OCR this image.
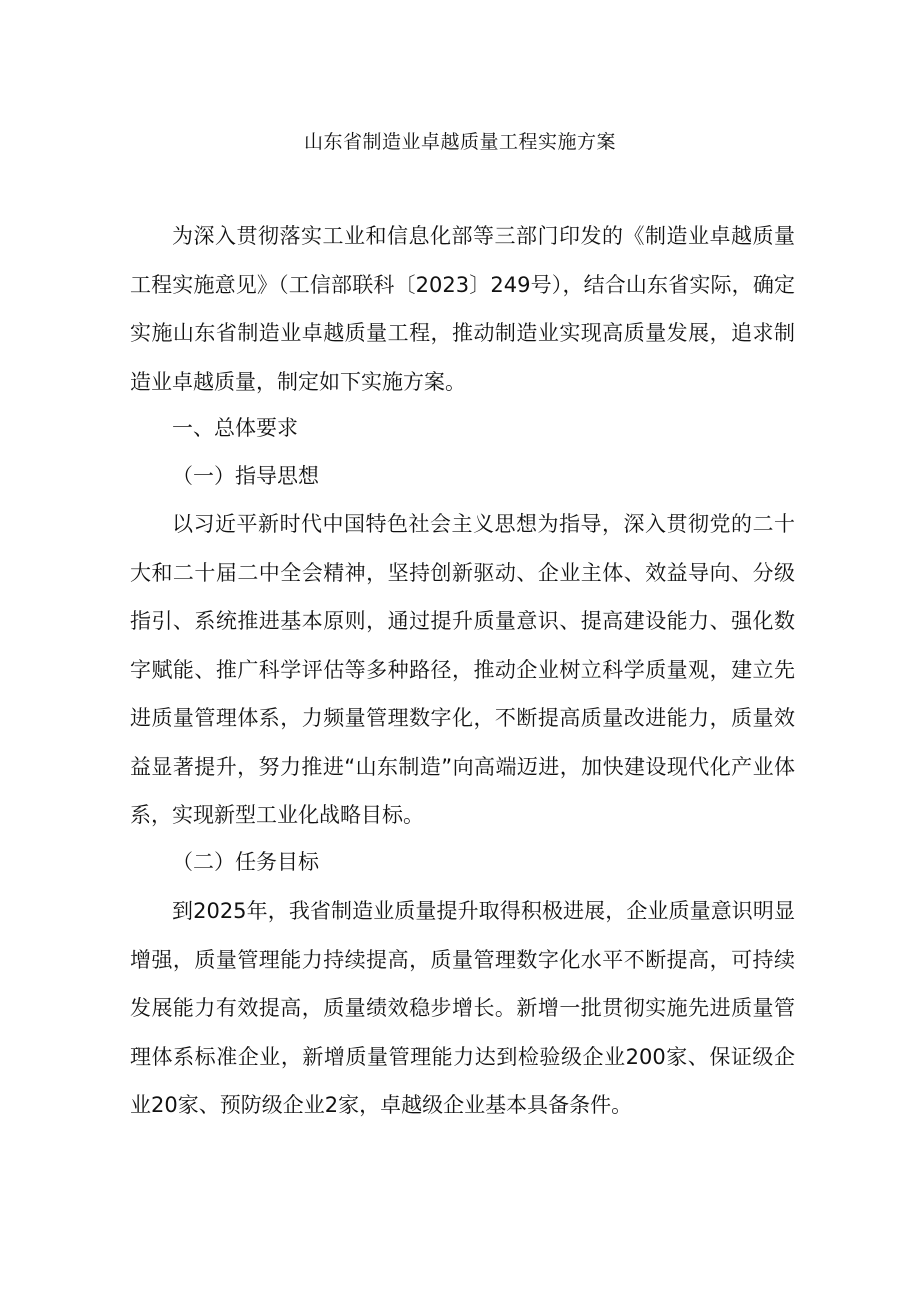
山东省制造业卓越质量工程实施方案

为深入贯彻落实工业和信息化部等三部门印发的《制造业卓越质量工程实施意见》（工信部联科〔2023〕249号），结合山东省实际，确定实施山东省制造业卓越质量工程，推动制造业实现高质量发展，追求制造业卓越质量，制定如下实施方案。

一、总体要求

（一）指导思想

以习近平新时代中国特色社会主义思想为指导，深入贯彻党的二十大和二十届二中全会精神，坚持创新驱动、企业主体、效益导向、分级指引、系统推进基本原则，通过提升质量意识、提高建设能力、强化数字赋能、推广科学评估等多种路径，推动企业树立科学质量观，建立先进质量管理体系，力频量管理数字化，不断提高质量改进能力，质量效益显著提升，努力推进“山东制造”向高端迈进，加快建设现代化产业体系，实现新型工业化战略目标。

（二）任务目标

到2025年，我省制造业质量提升取得积极进展，企业质量意识明显增强，质量管理能力持续提高，质量管理数字化水平不断提高，可持续发展能力有效提高，质量绩效稳步增长。新增一批贯彻实施先进质量管理体系标准企业，新增质量管理能力达到检验级企业200家、保证级企业20家、预防级企业2家，卓越级企业基本具备条件。
